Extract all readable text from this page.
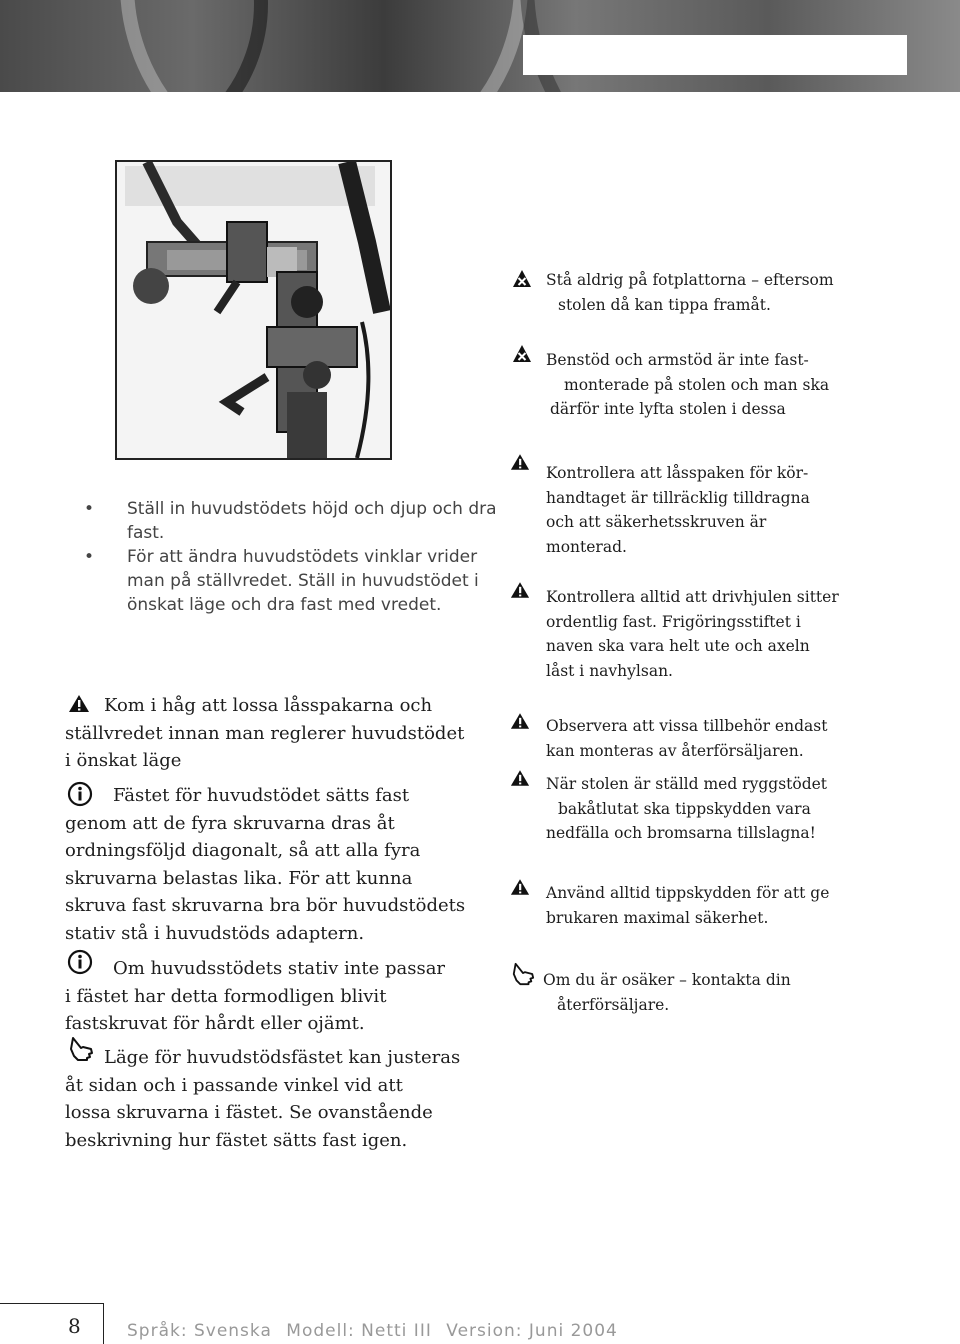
• Ställ in huvudstödets höjd och djup och dra fast.
• För att ändra huvudstödets vinklar vrider man på ställvredet. Ställ in huvudstödet i önskat läge och dra fast med vredet.
Kom i håg att lossa låsspakarna och
ställvredet innan man reglerer huvudstödet
i önskat läge
Fästet för huvudstödet sätts fast
genom att de fyra skruvarna dras åt
ordningsföljd diagonalt, så att alla fyra
skruvarna belastas lika. För att kunna
skruva fast skruvarna bra bör huvudstödets
stativ stå i huvudstöds adaptern.
Om huvudsstödets stativ inte passar
i fästet har detta formodligen blivit
fastskruvat för hårdt eller ojämt.
Läge för huvudstödsfästet kan justeras
åt sidan och i passande vinkel vid att
lossa skruvarna i fästet. Se ovanstående
beskrivning hur fästet sätts fast igen.
Stå aldrig på fotplattorna – eftersom
stolen då kan tippa framåt.
Benstöd och armstöd är inte fast-
monterade på stolen och man ska
därför inte lyfta stolen i dessa
Kontrollera att låsspaken för kör-
handtaget är tillräcklig tilldragna
och att säkerhetsskruven är
monterad.
Kontrollera alltid att drivhjulen sitter
ordentlig fast. Frigöringsstiftet i
naven ska vara helt ute och axeln
låst i navhylsan.
Observera att vissa tillbehör endast
kan monteras av återförsäljaren.
När stolen är ställd med ryggstödet
bakåtlutat ska tippskydden vara
nedfälla och bromsarna tillslagna!
Använd alltid tippskydden för att ge
brukaren maximal säkerhet.
Om du är osäker – kontakta din
återförsäljare.
8	Språk: Svenska Modell: Netti III Version: Juni 2004
